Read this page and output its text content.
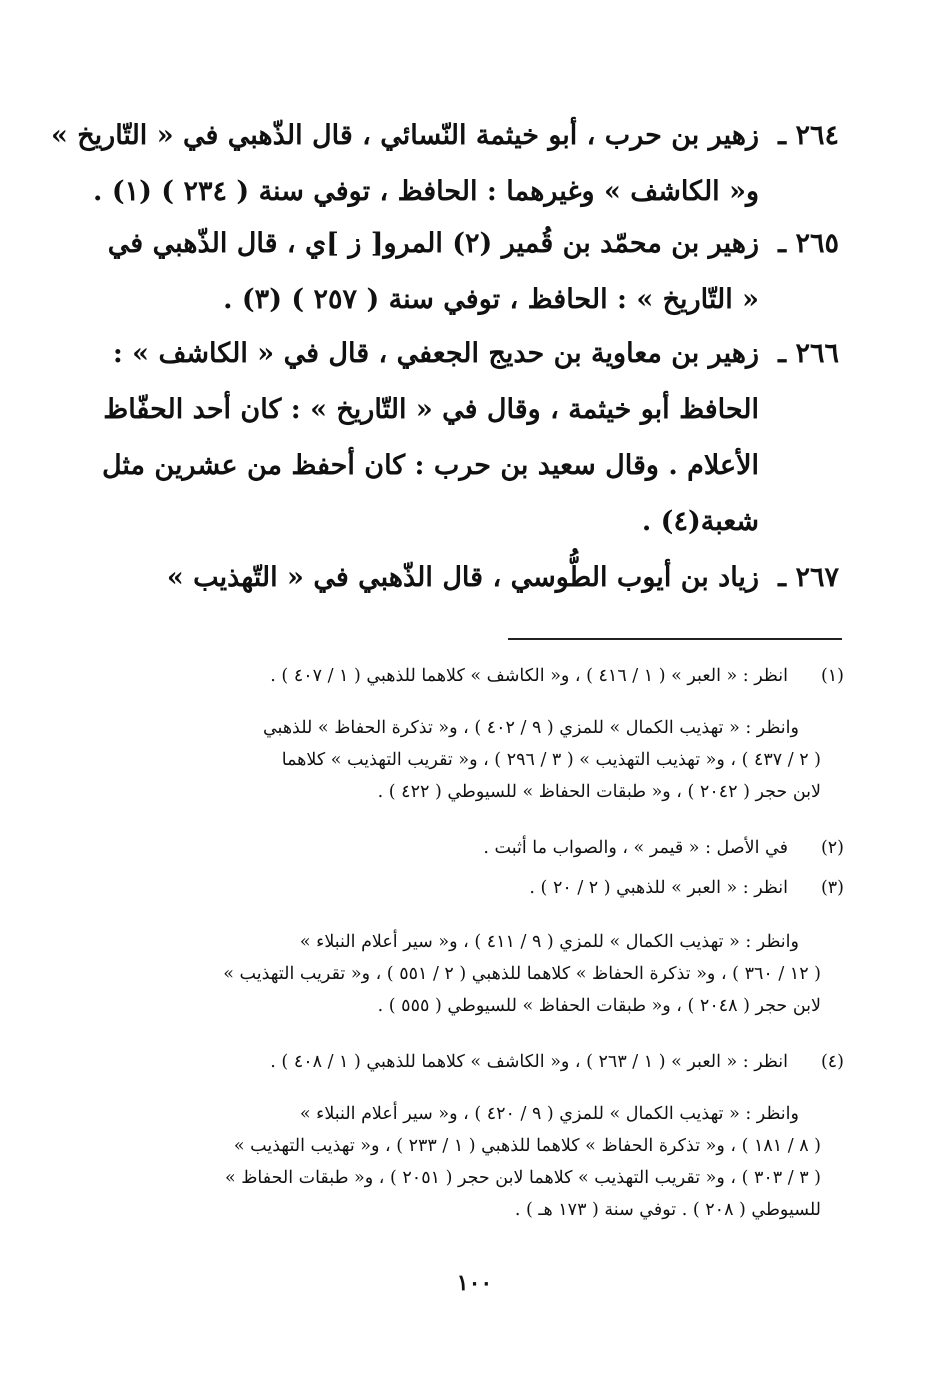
٢٦٤ ـ
زهير بن حرب ، أبو خيثمة النّسائي ، قال الذّهبي في « التّاريخ »
و« الكاشف » وغيرهما : الحافظ ، توفي سنة ( ٢٣٤ ) (١) .
٢٦٥ ـ
زهير بن محمّد بن قُمير (٢) المرو[ ز ]ي ، قال الذّهبي في
« التّاريخ » : الحافظ ، توفي سنة ( ٢٥٧ ) (٣) .
٢٦٦ ـ
زهير بن معاوية بن حديج الجعفي ، قال في « الكاشف » :
الحافظ أبو خيثمة ، وقال في « التّاريخ » : كان أحد الحفّاظ
الأعلام . وقال سعيد بن حرب : كان أحفظ من عشرين مثل
شعبة(٤) .
٢٦٧ ـ
زياد بن أيوب الطُّوسي ، قال الذّهبي في « التّهذيب »
(١)
انظر : « العبر » ( ١ / ٤١٦ ) ، و« الكاشف » كلاهما للذهبي ( ١ / ٤٠٧ ) .
وانظر : « تهذيب الكمال » للمزي ( ٩ / ٤٠٢ ) ، و« تذكرة الحفاظ » للذهبي
( ٢ / ٤٣٧ ) ، و« تهذيب التهذيب » ( ٣ / ٢٩٦ ) ، و« تقريب التهذيب » كلاهما
لابن حجر ( ٢٠٤٢ ) ، و« طبقات الحفاظ » للسيوطي ( ٤٢٢ ) .
(٢)
في الأصل : « قيمر » ، والصواب ما أثبت .
(٣)
انظر : « العبر » للذهبي ( ٢ / ٢٠ ) .
وانظر : « تهذيب الكمال » للمزي ( ٩ / ٤١١ ) ، و« سير أعلام النبلاء »
( ١٢ / ٣٦٠ ) ، و« تذكرة الحفاظ » كلاهما للذهبي ( ٢ / ٥٥١ ) ، و« تقريب التهذيب »
لابن حجر ( ٢٠٤٨ ) ، و« طبقات الحفاظ » للسيوطي ( ٥٥٥ ) .
(٤)
انظر : « العبر » ( ١ / ٢٦٣ ) ، و« الكاشف » كلاهما للذهبي ( ١ / ٤٠٨ ) .
وانظر : « تهذيب الكمال » للمزي ( ٩ / ٤٢٠ ) ، و« سير أعلام النبلاء »
( ٨ / ١٨١ ) ، و« تذكرة الحفاظ » كلاهما للذهبي ( ١ / ٢٣٣ ) ، و« تهذيب التهذيب »
( ٣ / ٣٠٣ ) ، و« تقريب التهذيب » كلاهما لابن حجر ( ٢٠٥١ ) ، و« طبقات الحفاظ »
للسيوطي ( ٢٠٨ ) . توفي سنة ( ١٧٣ هـ ) .
١٠٠
